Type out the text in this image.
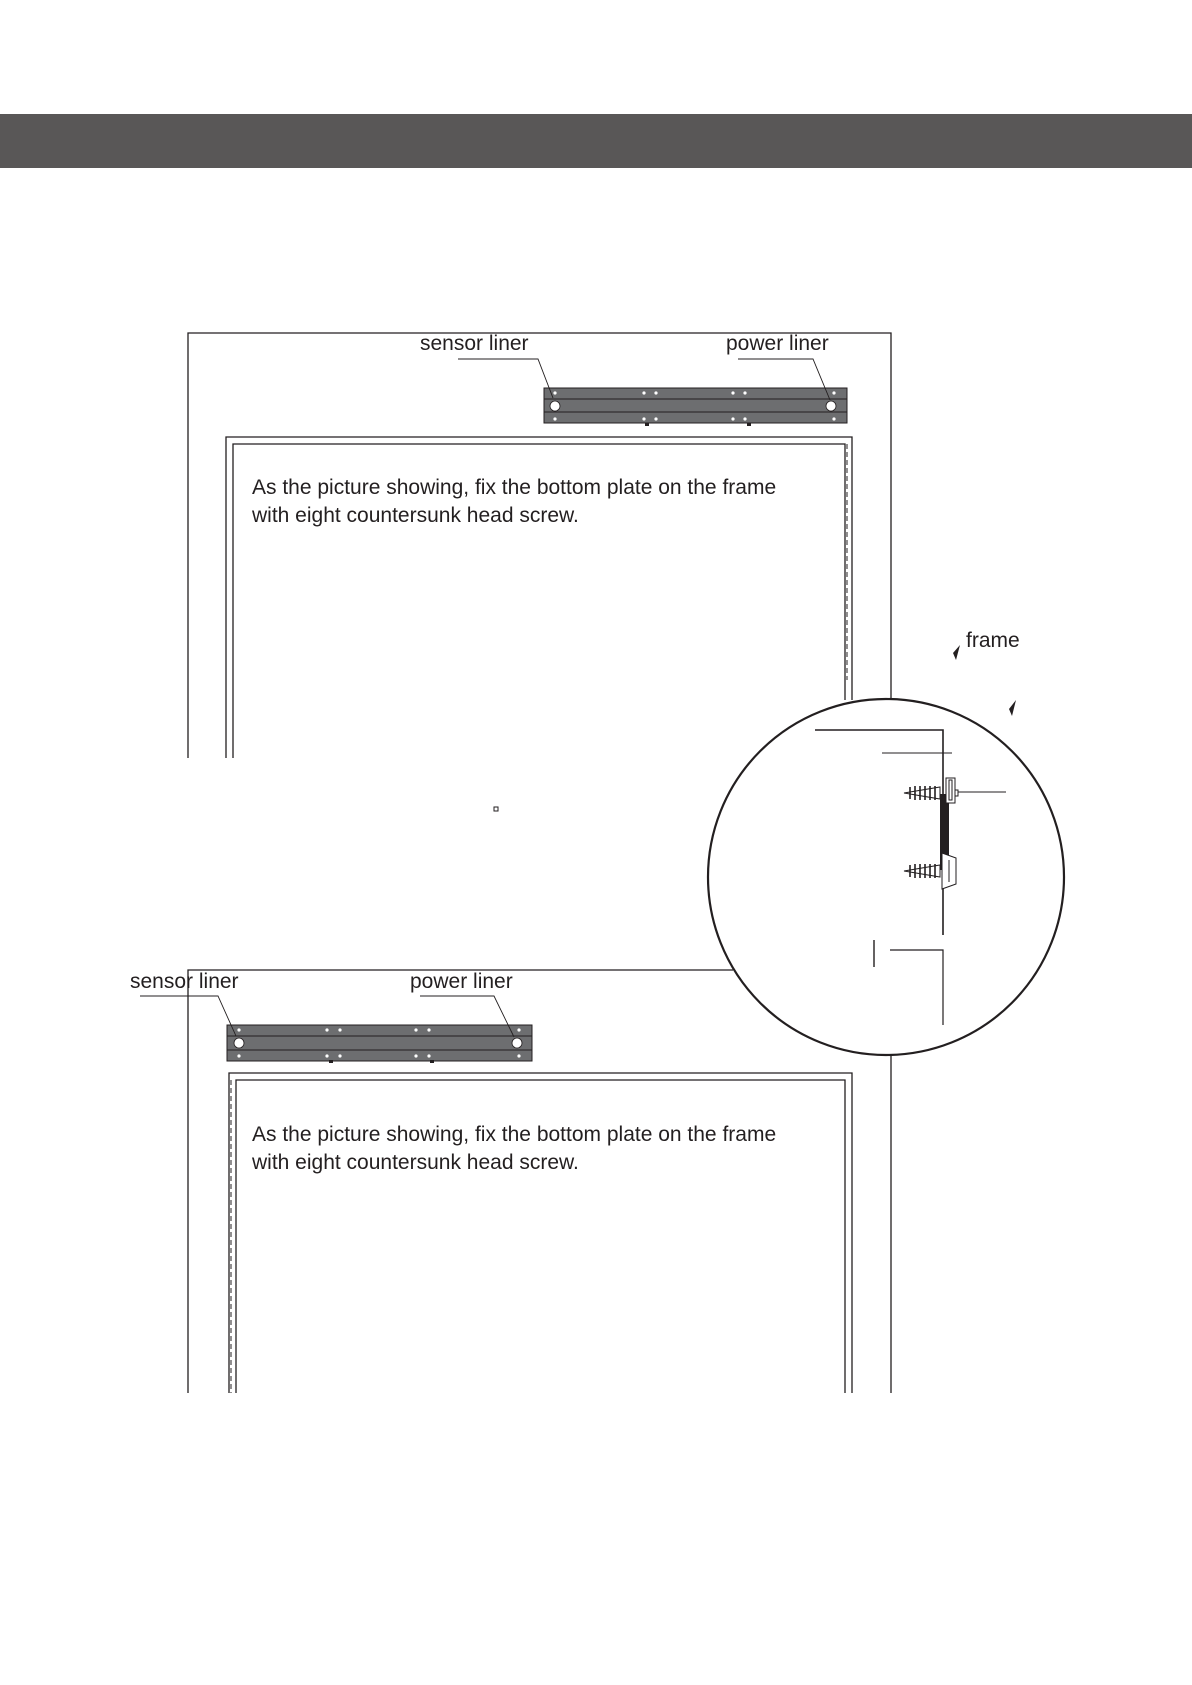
sensor liner	power liner
As the picture showing, fix the bottom plate on the frame
with eight countersunk head screw.
frame
sensor liner	power liner
As the picture showing, fix the bottom plate on the frame
with eight countersunk head screw.
